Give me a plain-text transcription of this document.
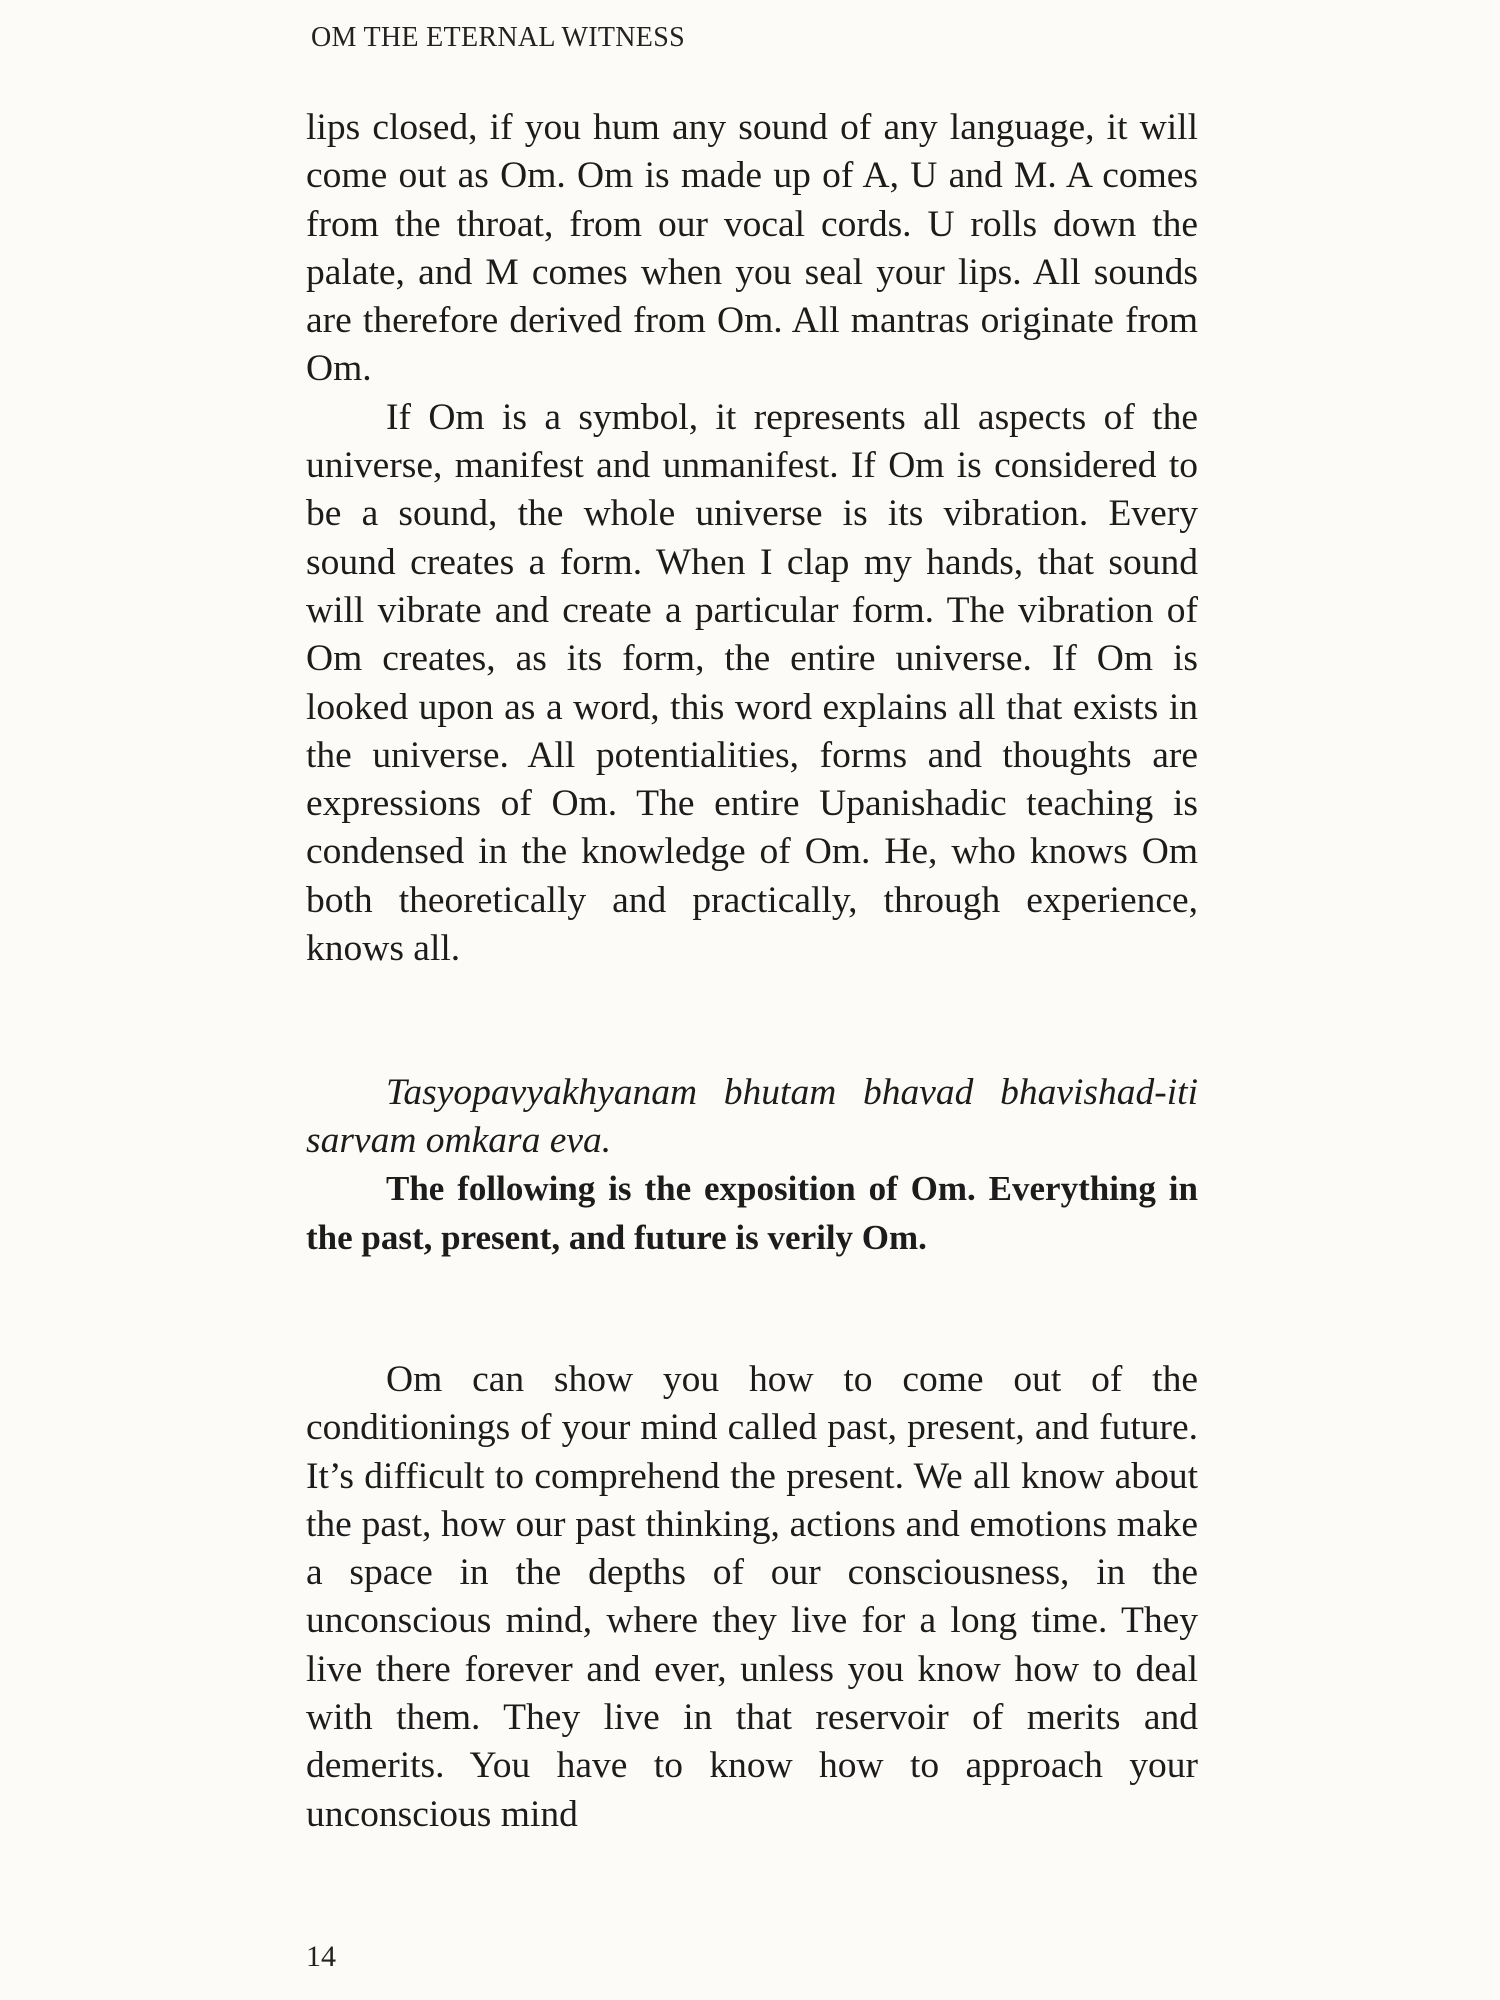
OM THE ETERNAL WITNESS

lips closed, if you hum any sound of any language, it will come out as Om. Om is made up of A, U and M. A comes from the throat, from our vocal cords. U rolls down the palate, and M comes when you seal your lips. All sounds are therefore derived from Om. All mantras originate from Om.

If Om is a symbol, it represents all aspects of the universe, manifest and unmanifest. If Om is considered to be a sound, the whole universe is its vibration. Every sound creates a form. When I clap my hands, that sound will vibrate and create a particular form. The vibration of Om creates, as its form, the entire universe. If Om is looked upon as a word, this word explains all that exists in the universe. All potentialities, forms and thoughts are expressions of Om. The entire Upanishadic teaching is condensed in the knowledge of Om. He, who knows Om both theoretically and practically, through experience, knows all.

Tasyopavyakhyanam bhutam bhavad bhavishad-iti sarvam omkara eva.

The following is the exposition of Om. Everything in the past, present, and future is verily Om.

Om can show you how to come out of the conditionings of your mind called past, present, and future. It’s difficult to comprehend the present. We all know about the past, how our past thinking, actions and emotions make a space in the depths of our consciousness, in the unconscious mind, where they live for a long time. They live there forever and ever, unless you know how to deal with them. They live in that reservoir of merits and demerits. You have to know how to approach your unconscious mind

14
